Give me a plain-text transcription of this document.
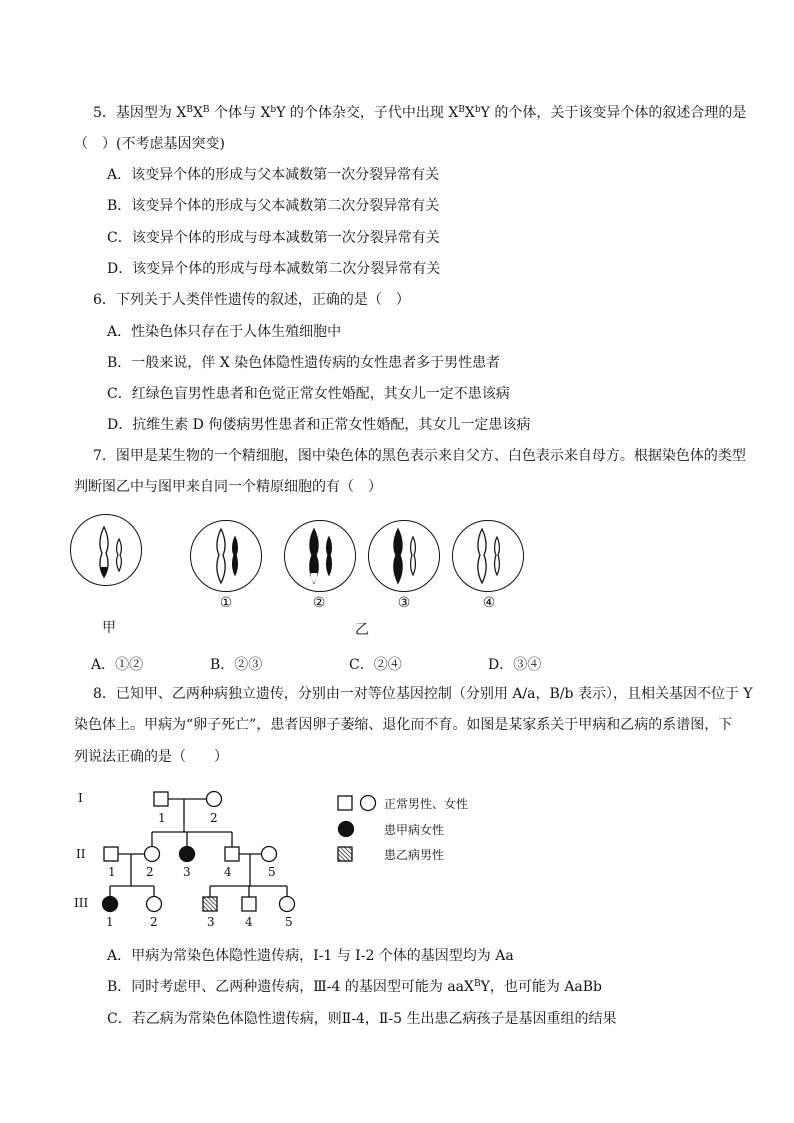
5．基因型为 $X^BX^B$ 个体与 $X^bY$ 的个体杂交，子代中出现 $X^BX^bY$ 的个体，关于该变异个体的叙述合理的是
（　）(不考虑基因突变)
A．该变异个体的形成与父本减数第一次分裂异常有关
B．该变异个体的形成与父本减数第二次分裂异常有关
C．该变异个体的形成与母本减数第一次分裂异常有关
D．该变异个体的形成与母本减数第二次分裂异常有关
6．下列关于人类伴性遗传的叙述，正确的是（　）
A．性染色体只存在于人体生殖细胞中
B．一般来说，伴 X 染色体隐性遗传病的女性患者多于男性患者
C．红绿色盲男性患者和色觉正常女性婚配，其女儿一定不患该病
D．抗维生素 D 佝偻病男性患者和正常女性婚配，其女儿一定患该病
7．图甲是某生物的一个精细胞，图中染色体的黑色表示来自父方、白色表示来自母方。根据染色体的类型
判断图乙中与图甲来自同一个精原细胞的有（　）
①	②	③	④
甲	乙
A．①②	B．②③	C．②④	D．③④
8．已知甲、乙两种病独立遗传，分别由一对等位基因控制（分别用 A/a，B/b 表示），且相关基因不位于 Y
染色体上。甲病为“卵子死亡”，患者因卵子萎缩、退化而不育。如图是某家系关于甲病和乙病的系谱图，下
列说法正确的是（　　）
I
II
III
1	2
1	2 3	4	5
1	2	3	4	5
正常男性、女性
患甲病女性
患乙病男性
A．甲病为常染色体隐性遗传病，I-1 与 I-2 个体的基因型均为 Aa
B．同时考虑甲、乙两种遗传病，Ⅲ-4 的基因型可能为 aaX$^B$Y，也可能为 AaBb
C．若乙病为常染色体隐性遗传病，则Ⅱ-4，Ⅱ-5 生出患乙病孩子是基因重组的结果
